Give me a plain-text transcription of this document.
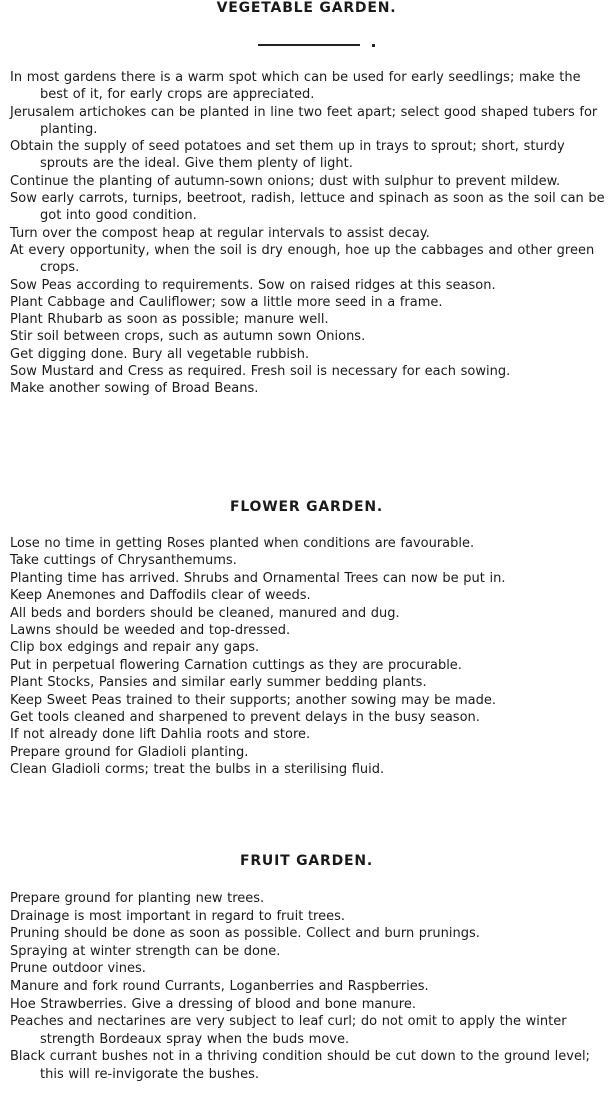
VEGETABLE GARDEN.
In most gardens there is a warm spot which can be used for early seedlings; make the best of it, for early crops are appreciated.
Jerusalem artichokes can be planted in line two feet apart; select good shaped tubers for planting.
Obtain the supply of seed potatoes and set them up in trays to sprout; short, sturdy sprouts are the ideal. Give them plenty of light.
Continue the planting of autumn-sown onions; dust with sulphur to prevent mildew.
Sow early carrots, turnips, beetroot, radish, lettuce and spinach as soon as the soil can be got into good condition.
Turn over the compost heap at regular intervals to assist decay.
At every opportunity, when the soil is dry enough, hoe up the cabbages and other green crops.
Sow Peas according to requirements. Sow on raised ridges at this season.
Plant Cabbage and Cauliflower; sow a little more seed in a frame.
Plant Rhubarb as soon as possible; manure well.
Stir soil between crops, such as autumn sown Onions.
Get digging done. Bury all vegetable rubbish.
Sow Mustard and Cress as required. Fresh soil is necessary for each sowing.
Make another sowing of Broad Beans.
FLOWER GARDEN.
Lose no time in getting Roses planted when conditions are favourable.
Take cuttings of Chrysanthemums.
Planting time has arrived. Shrubs and Ornamental Trees can now be put in.
Keep Anemones and Daffodils clear of weeds.
All beds and borders should be cleaned, manured and dug.
Lawns should be weeded and top-dressed.
Clip box edgings and repair any gaps.
Put in perpetual flowering Carnation cuttings as they are procurable.
Plant Stocks, Pansies and similar early summer bedding plants.
Keep Sweet Peas trained to their supports; another sowing may be made.
Get tools cleaned and sharpened to prevent delays in the busy season.
If not already done lift Dahlia roots and store.
Prepare ground for Gladioli planting.
Clean Gladioli corms; treat the bulbs in a sterilising fluid.
FRUIT GARDEN.
Prepare ground for planting new trees.
Drainage is most important in regard to fruit trees.
Pruning should be done as soon as possible. Collect and burn prunings.
Spraying at winter strength can be done.
Prune outdoor vines.
Manure and fork round Currants, Loganberries and Raspberries.
Hoe Strawberries. Give a dressing of blood and bone manure.
Peaches and nectarines are very subject to leaf curl; do not omit to apply the winter strength Bordeaux spray when the buds move.
Black currant bushes not in a thriving condition should be cut down to the ground level; this will re-invigorate the bushes.
